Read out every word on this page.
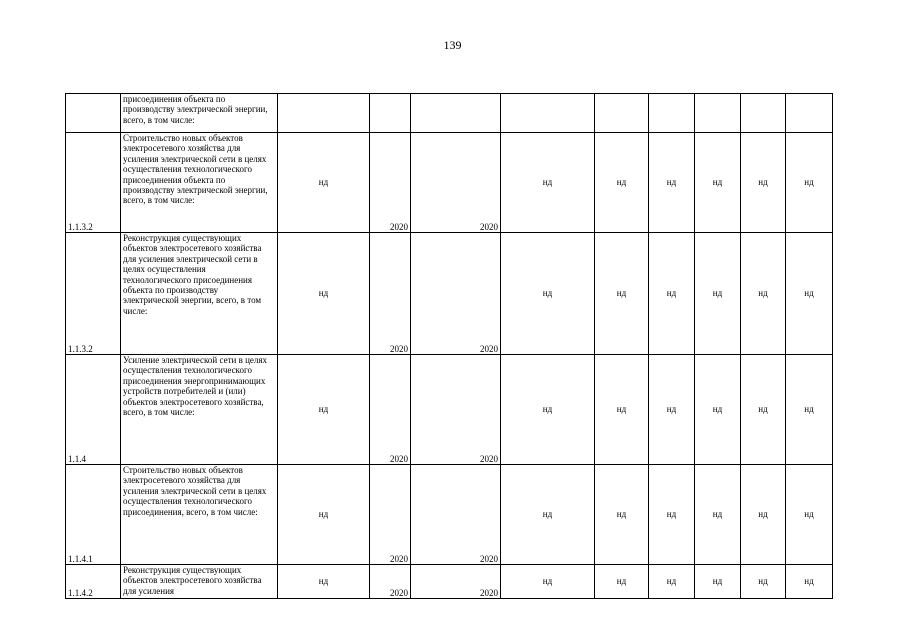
139
	присоединения объекта по производству электрической энергии, всего, в том числе:										
1.1.3.2	Строительство новых объектов электросетевого хозяйства для усиления электрической сети в целях осуществления технологического присоединения объекта по производству электрической энергии, всего, в том числе:	нд	2020	2020	нд	нд	нд	нд	нд	нд	
1.1.3.2	Реконструкция существующих объектов электросетевого хозяйства для усиления электрической сети в целях осуществления технологического присоединения объекта по производству электрической энергии, всего, в том числе:	нд	2020	2020	нд	нд	нд	нд	нд	нд	
1.1.4	Усиление электрической сети в целях осуществления технологического присоединения энергопринимающих устройств потребителей и (или) объектов электросетевого хозяйства, всего, в том числе:	нд	2020	2020	нд	нд	нд	нд	нд	нд	
1.1.4.1	Строительство новых объектов электросетевого хозяйства для усиления электрической сети в целях осуществления технологического присоединения, всего, в том числе:	нд	2020	2020	нд	нд	нд	нд	нд	нд	
1.1.4.2	Реконструкция существующих объектов электросетевого хозяйства для усиления	нд	2020	2020	нд	нд	нд	нд	нд	нд	
